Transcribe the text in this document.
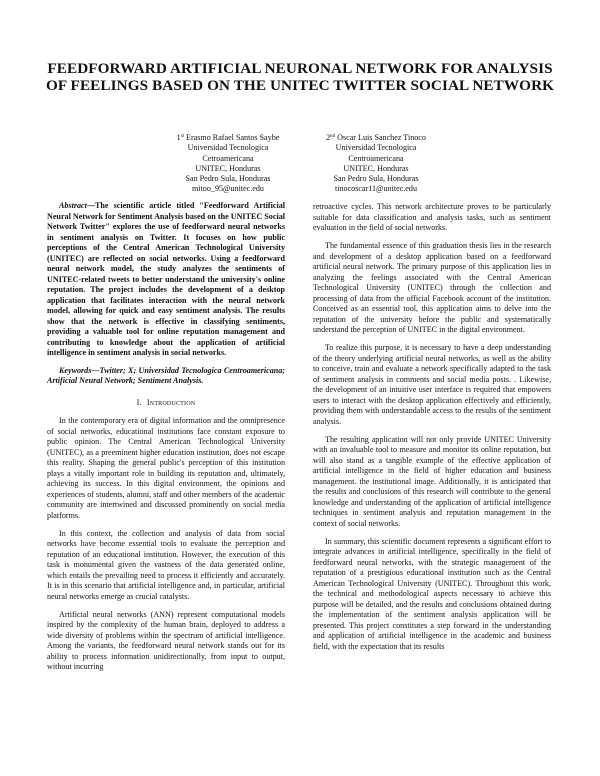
FEEDFORWARD ARTIFICIAL NEURONAL NETWORK FOR ANALYSIS OF FEELINGS BASED ON THE UNITEC TWITTER SOCIAL NETWORK
1st Erasmo Rafael Santos Saybe
Universidad Tecnologica
Cetroamericana
UNITEC, Honduras
San Pedro Sula, Honduras
mitoo_95@unitec.edu
2nd Oscar Luis Sanchez Tinoco
Universidad Tecnologica
Centroamericana
UNITEC, Honduras
San Pedro Sula, Honduras
tinocoscar11@unitec.edu

Abstract—The scientific article titled "Feedforward Artificial Neural Network for Sentiment Analysis based on the UNITEC Social Network Twitter" explores the use of feedforward neural networks in sentiment analysis on Twitter. It focuses on how public perceptions of the Central American Technological University (UNITEC) are reflected on social networks. Using a feedforward neural network model, the study analyzes the sentiments of UNITEC-related tweets to better understand the university's online reputation. The project includes the development of a desktop application that facilitates interaction with the neural network model, allowing for quick and easy sentiment analysis. The results show that the network is effective in classifying sentiments, providing a valuable tool for online reputation management and contributing to knowledge about the application of artificial intelligence in sentiment analysis in social networks.

Keywords—Twitter; X; Universidad Tecnologica Centroamericana; Artificial Neural Network; Sentiment Analysis.

I. Introduction

In the contemporary era of digital information and the omnipresence of social networks, educational institutions face constant exposure to public opinion. The Central American Technological University (UNITEC), as a preeminent higher education institution, does not escape this reality. Shaping the general public's perception of this institution plays a vitally important role in building its reputation and, ultimately, achieving its success. In this digital environment, the opinions and experiences of students, alumni, staff and other members of the academic community are intertwined and discussed prominently on social media platforms.

In this context, the collection and analysis of data from social networks have become essential tools to evaluate the perception and reputation of an educational institution. However, the execution of this task is monumental given the vastness of the data generated online, which entails the prevailing need to process it efficiently and accurately. It is in this scenario that artificial intelligence and, in particular, artificial neural networks emerge as crucial catalysts.

Artificial neural networks (ANN) represent computational models inspired by the complexity of the human brain, deployed to address a wide diversity of problems within the spectrum of artificial intelligence. Among the variants, the feedforward neural network stands out for its ability to process information unidirectionally, from input to output, without incurring

retroactive cycles. This network architecture proves to be particularly suitable for data classification and analysis tasks, such as sentiment evaluation in the field of social networks.

The fundamental essence of this graduation thesis lies in the research and development of a desktop application based on a feedforward artificial neural network. The primary purpose of this application lies in analyzing the feelings associated with the Central American Technological University (UNITEC) through the collection and processing of data from the official Facebook account of the institution. Conceived as an essential tool, this application aims to delve into the reputation of the university before the public and systematically understand the perception of UNITEC in the digital environment.

To realize this purpose, it is necessary to have a deep understanding of the theory underlying artificial neural networks, as well as the ability to conceive, train and evaluate a network specifically adapted to the task of sentiment analysis in comments and social media posts. . Likewise, the development of an intuitive user interface is required that empowers users to interact with the desktop application effectively and efficiently, providing them with understandable access to the results of the sentiment analysis.

The resulting application will not only provide UNITEC University with an invaluable tool to measure and monitor its online reputation, but will also stand as a tangible example of the effective application of artificial intelligence in the field of higher education and business management. the institutional image. Additionally, it is anticipated that the results and conclusions of this research will contribute to the general knowledge and understanding of the application of artificial intelligence techniques in sentiment analysis and reputation management in the context of social networks.

In summary, this scientific document represents a significant effort to integrate advances in artificial intelligence, specifically in the field of feedforward neural networks, with the strategic management of the reputation of a prestigious educational institution such as the Central American Technological University (UNITEC). Throughout this work, the technical and methodological aspects necessary to achieve this purpose will be detailed, and the results and conclusions obtained during the implementation of the sentiment analysis application will be presented. This project constitutes a step forward in the understanding and application of artificial intelligence in the academic and business field, with the expectation that its results
